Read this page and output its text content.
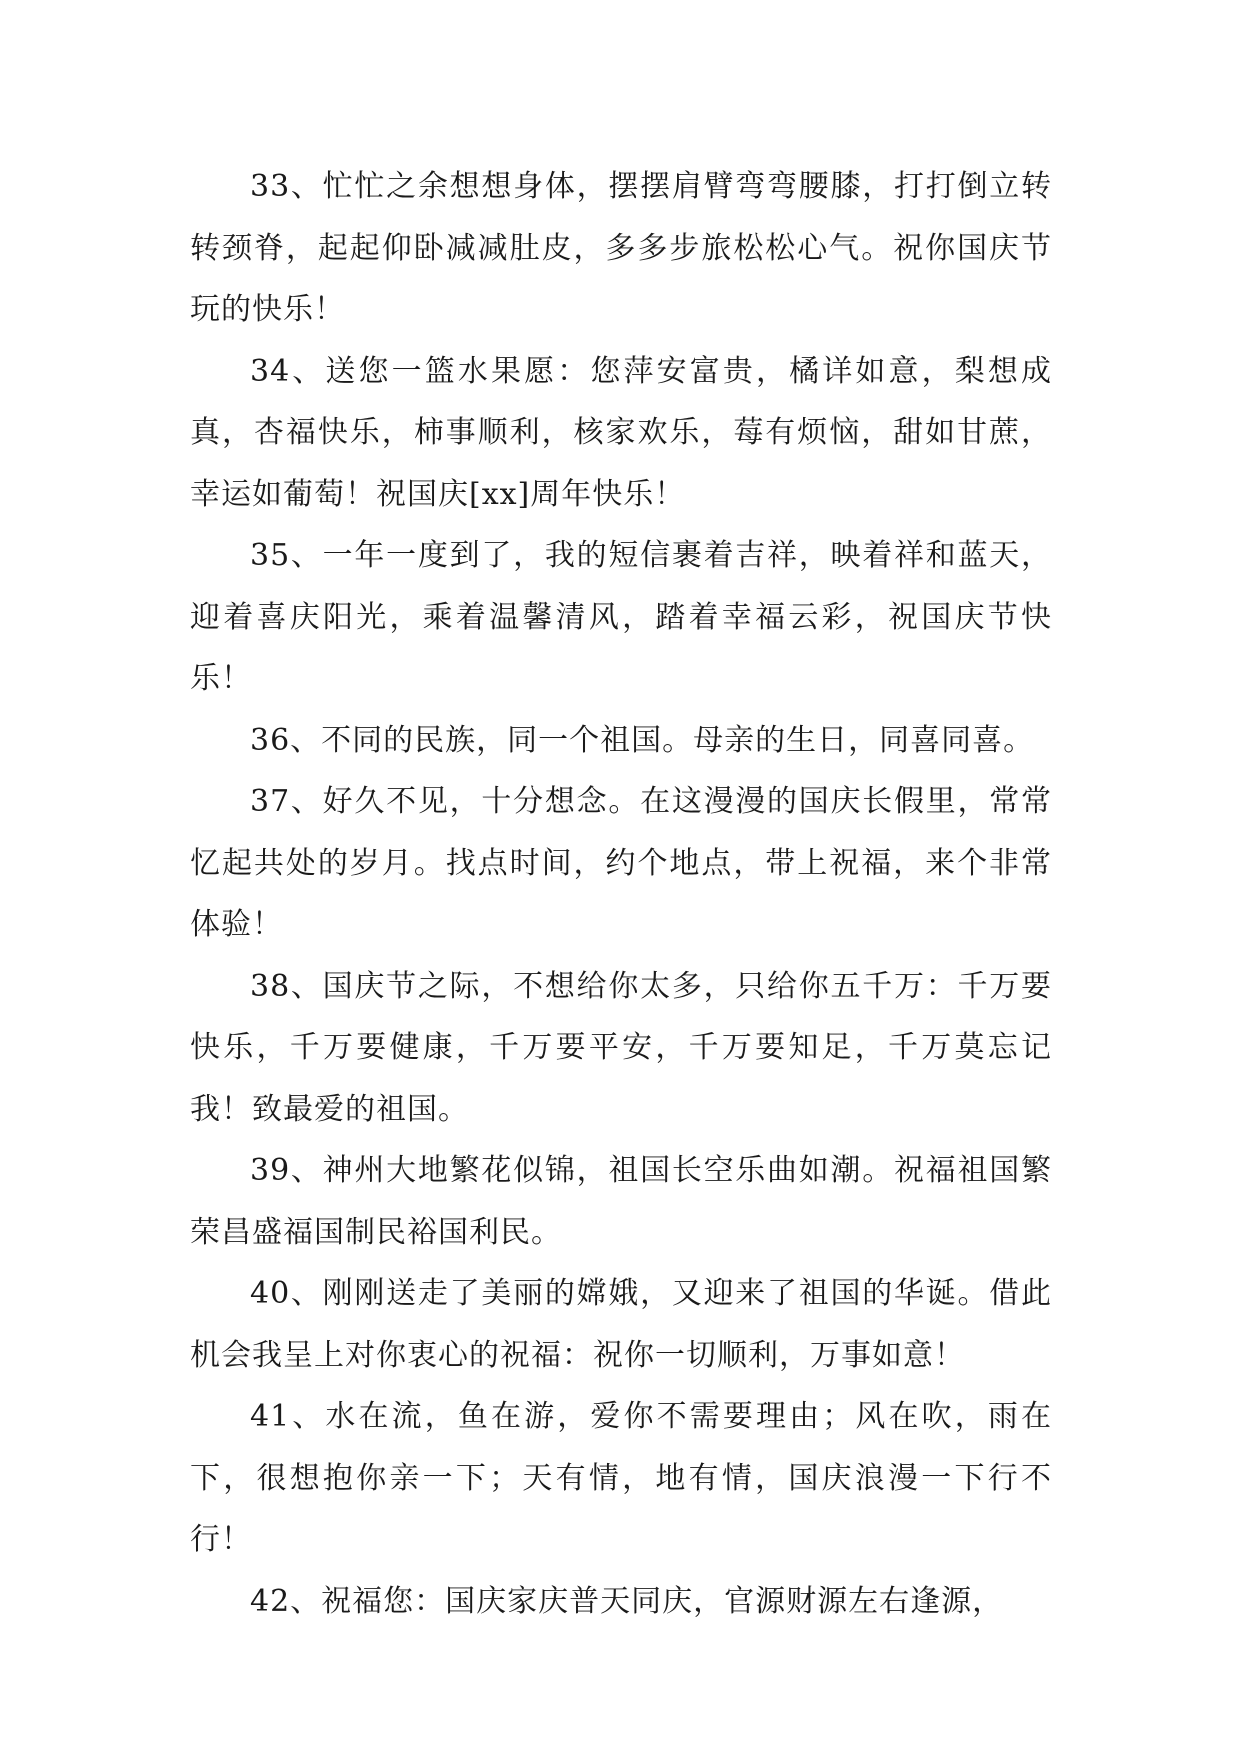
33、忙忙之余想想身体，摆摆肩臂弯弯腰膝，打打倒立转转颈脊，起起仰卧减减肚皮，多多步旅松松心气。祝你国庆节玩的快乐！

34、送您一篮水果愿：您萍安富贵，橘详如意，梨想成真，杏福快乐，柿事顺利，核家欢乐，莓有烦恼，甜如甘蔗，幸运如葡萄！祝国庆[xx]周年快乐！

35、一年一度到了，我的短信裹着吉祥，映着祥和蓝天，迎着喜庆阳光，乘着温馨清风，踏着幸福云彩，祝国庆节快乐！

36、不同的民族，同一个祖国。母亲的生日，同喜同喜。

37、好久不见，十分想念。在这漫漫的国庆长假里，常常忆起共处的岁月。找点时间，约个地点，带上祝福，来个非常体验！

38、国庆节之际，不想给你太多，只给你五千万：千万要快乐，千万要健康，千万要平安，千万要知足，千万莫忘记我！致最爱的祖国。

39、神州大地繁花似锦，祖国长空乐曲如潮。祝福祖国繁荣昌盛福国制民裕国利民。

40、刚刚送走了美丽的嫦娥，又迎来了祖国的华诞。借此机会我呈上对你衷心的祝福：祝你一切顺利，万事如意！

41、水在流，鱼在游，爱你不需要理由；风在吹，雨在下，很想抱你亲一下；天有情，地有情，国庆浪漫一下行不行！

42、祝福您：国庆家庆普天同庆，官源财源左右逢源，
